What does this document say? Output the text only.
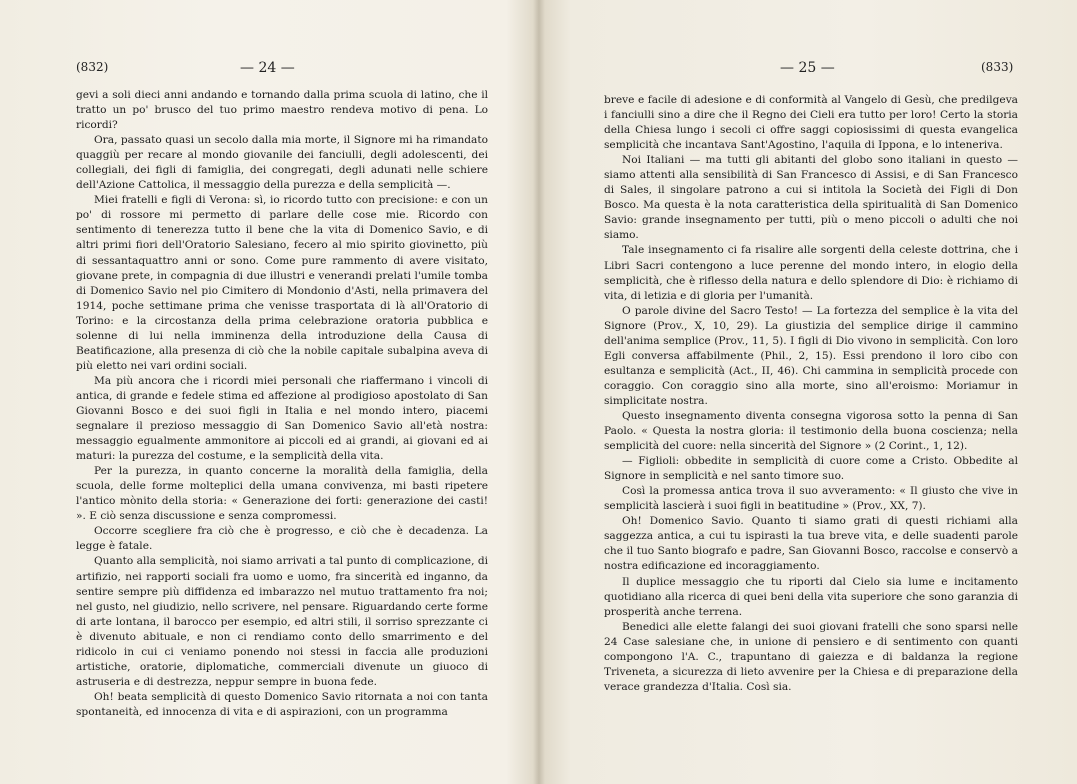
(832)	— 24 —

gevi a soli dieci anni andando e tornando dalla prima scuola di latino, che il tratto un po' brusco del tuo primo maestro rendeva motivo di pena. Lo ricordi?

Ora, passato quasi un secolo dalla mia morte, il Signore mi ha rimandato quaggiù per recare al mondo giovanile dei fanciulli, degli adolescenti, dei collegiali, dei figli di famiglia, dei congregati, degli adunati nelle schiere dell'Azione Cattolica, il messaggio della purezza e della semplicità —.

Miei fratelli e figli di Verona: sì, io ricordo tutto con precisione: e con un po' di rossore mi permetto di parlare delle cose mie. Ricordo con sentimento di tenerezza tutto il bene che la vita di Domenico Savio, e di altri primi fiori dell'Oratorio Salesiano, fecero al mio spirito giovinetto, più di sessantaquattro anni or sono. Come pure rammento di avere visitato, giovane prete, in compagnia di due illustri e venerandi prelati l'umile tomba di Domenico Savio nel pio Cimitero di Mondonio d'Asti, nella primavera del 1914, poche settimane prima che venisse trasportata di là all'Oratorio di Torino: e la circostanza della prima celebrazione oratoria pubblica e solenne di lui nella imminenza della introduzione della Causa di Beatificazione, alla presenza di ciò che la nobile capitale subalpina aveva di più eletto nei vari ordini sociali.

Ma più ancora che i ricordi miei personali che riaffermano i vincoli di antica, di grande e fedele stima ed affezione al prodigioso apostolato di San Giovanni Bosco e dei suoi figli in Italia e nel mondo intero, piacemi segnalare il prezioso messaggio di San Domenico Savio all'età nostra: messaggio egualmente ammonitore ai piccoli ed ai grandi, ai giovani ed ai maturi: la purezza del costume, e la semplicità della vita.

Per la purezza, in quanto concerne la moralità della famiglia, della scuola, delle forme molteplici della umana convivenza, mi basti ripetere l'antico mònito della storia: « Generazione dei forti: generazione dei casti! ». E ciò senza discussione e senza compromessi.

Occorre scegliere fra ciò che è progresso, e ciò che è decadenza. La legge è fatale.

Quanto alla semplicità, noi siamo arrivati a tal punto di complicazione, di artifizio, nei rapporti sociali fra uomo e uomo, fra sincerità ed inganno, da sentire sempre più diffidenza ed imbarazzo nel mutuo trattamento fra noi; nel gusto, nel giudizio, nello scrivere, nel pensare. Riguardando certe forme di arte lontana, il barocco per esempio, ed altri stili, il sorriso sprezzante ci è divenuto abituale, e non ci rendiamo conto dello smarrimento e del ridicolo in cui ci veniamo ponendo noi stessi in faccia alle produzioni artistiche, oratorie, diplomatiche, commerciali divenute un giuoco di astruseria e di destrezza, neppur sempre in buona fede.

Oh! beata semplicità di questo Domenico Savio ritornata a noi con tanta spontaneità, ed innocenza di vita e di aspirazioni, con un programma

— 25 —	(833)

breve e facile di adesione e di conformità al Vangelo di Gesù, che predilgeva i fanciulli sino a dire che il Regno dei Cieli era tutto per loro! Certo la storia della Chiesa lungo i secoli ci offre saggi copiosissimi di questa evangelica semplicità che incantava Sant'Agostino, l'aquila di Ippona, e lo inteneriva.

Noi Italiani — ma tutti gli abitanti del globo sono italiani in questo — siamo attenti alla sensibilità di San Francesco di Assisi, e di San Francesco di Sales, il singolare patrono a cui si intitola la Società dei Figli di Don Bosco. Ma questa è la nota caratteristica della spiritualità di San Domenico Savio: grande insegnamento per tutti, più o meno piccoli o adulti che noi siamo.

Tale insegnamento ci fa risalire alle sorgenti della celeste dottrina, che i Libri Sacri contengono a luce perenne del mondo intero, in elogio della semplicità, che è riflesso della natura e dello splendore di Dio: è richiamo di vita, di letizia e di gloria per l'umanità.

O parole divine del Sacro Testo! — La fortezza del semplice è la vita del Signore (Prov., X, 10, 29). La giustizia del semplice dirige il cammino dell'anima semplice (Prov., 11, 5). I figli di Dio vivono in semplicità. Con loro Egli conversa affabilmente (Phil., 2, 15). Essi prendono il loro cibo con esultanza e semplicità (Act., II, 46). Chi cammina in semplicità procede con coraggio. Con coraggio sino alla morte, sino all'eroismo: Moriamur in simplicitate nostra.

Questo insegnamento diventa consegna vigorosa sotto la penna di San Paolo. « Questa la nostra gloria: il testimonio della buona coscienza; nella semplicità del cuore: nella sincerità del Signore » (2 Corint., 1, 12).

— Figlioli: obbedite in semplicità di cuore come a Cristo. Obbedite al Signore in semplicità e nel santo timore suo.

Così la promessa antica trova il suo avveramento: « Il giusto che vive in semplicità lascierà i suoi figli in beatitudine » (Prov., XX, 7).

Oh! Domenico Savio. Quanto ti siamo grati di questi richiami alla saggezza antica, a cui tu ispirasti la tua breve vita, e delle suadenti parole che il tuo Santo biografo e padre, San Giovanni Bosco, raccolse e conservò a nostra edificazione ed incoraggiamento.

Il duplice messaggio che tu riporti dal Cielo sia lume e incitamento quotidiano alla ricerca di quei beni della vita superiore che sono garanzia di prosperità anche terrena.

Benedici alle elette falangi dei suoi giovani fratelli che sono sparsi nelle 24 Case salesiane che, in unione di pensiero e di sentimento con quanti compongono l'A. C., trapuntano di gaiezza e di baldanza la regione Triveneta, a sicurezza di lieto avvenire per la Chiesa e di preparazione della verace grandezza d'Italia. Così sia.
